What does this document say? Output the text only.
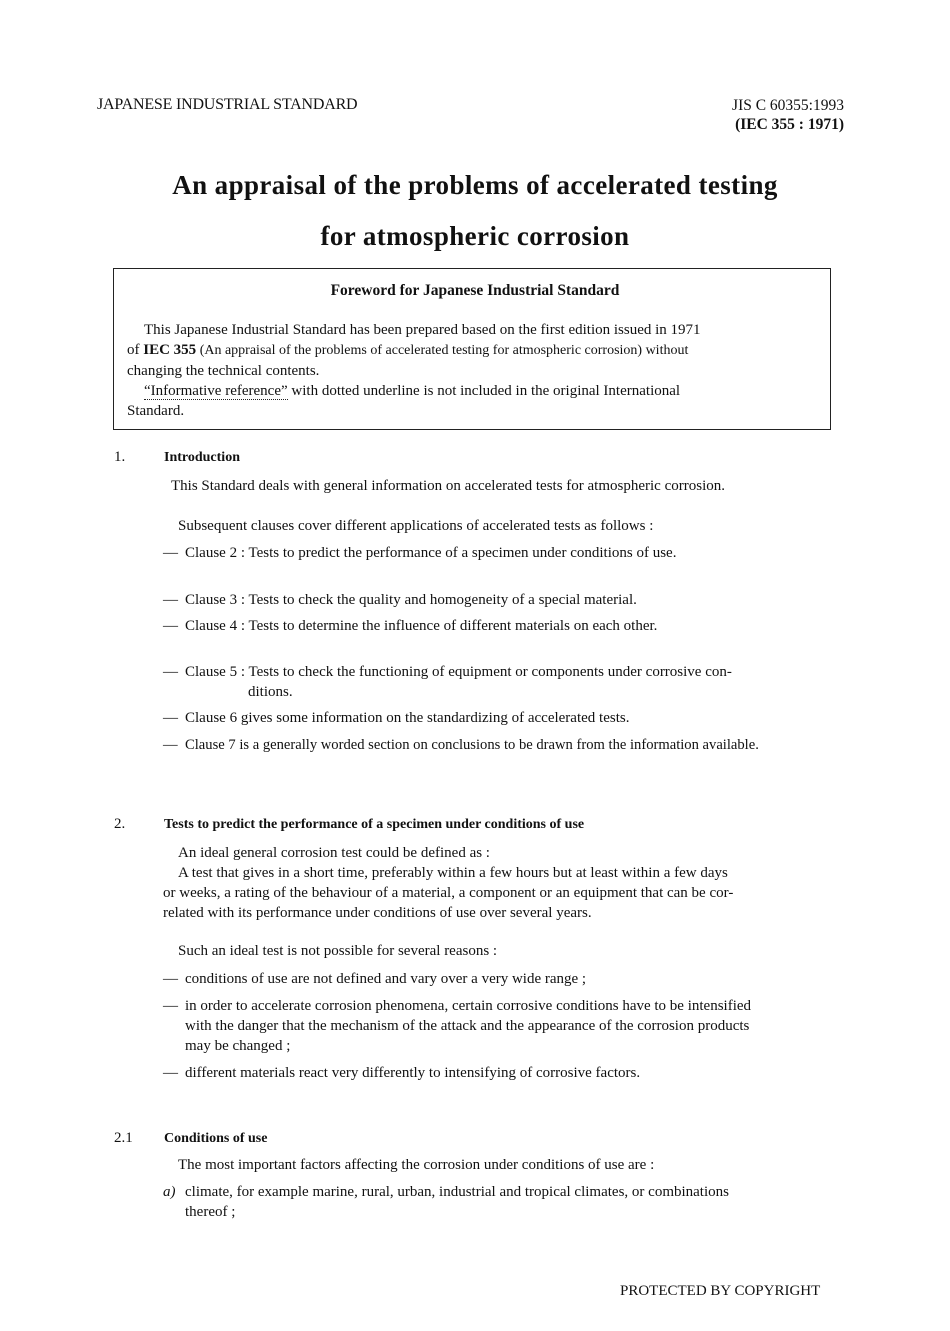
JAPANESE INDUSTRIAL STANDARD	JIS C 60355:1993
(IEC 355 : 1971)
An appraisal of the problems of accelerated testing
for atmospheric corrosion
Foreword for Japanese Industrial Standard
This Japanese Industrial Standard has been prepared based on the first edition issued in 1971
of IEC 355 (An appraisal of the problems of accelerated testing for atmospheric corrosion) without
changing the technical contents.
“Informative reference” with dotted underline is not included in the original International
Standard.
1.	Introduction
This Standard deals with general information on accelerated tests for atmospheric corrosion.
Subsequent clauses cover different applications of accelerated tests as follows :
— Clause 2 : Tests to predict the performance of a specimen under conditions of use.
— Clause 3 : Tests to check the quality and homogeneity of a special material.
— Clause 4 : Tests to determine the influence of different materials on each other.
— Clause 5 : Tests to check the functioning of equipment or components under corrosive con-
ditions.
— Clause 6 gives some information on the standardizing of accelerated tests.
— Clause 7 is a generally worded section on conclusions to be drawn from the information available.
2.	Tests to predict the performance of a specimen under conditions of use
An ideal general corrosion test could be defined as :
A test that gives in a short time, preferably within a few hours but at least within a few days
or weeks, a rating of the behaviour of a material, a component or an equipment that can be cor-
related with its performance under conditions of use over several years.
Such an ideal test is not possible for several reasons :
— conditions of use are not defined and vary over a very wide range ;
— in order to accelerate corrosion phenomena, certain corrosive conditions have to be intensified
with the danger that the mechanism of the attack and the appearance of the corrosion products
may be changed ;
— different materials react very differently to intensifying of corrosive factors.
2.1 Conditions of use
The most important factors affecting the corrosion under conditions of use are :
a) climate, for example marine, rural, urban, industrial and tropical climates, or combinations
thereof ;
PROTECTED BY COPYRIGHT
